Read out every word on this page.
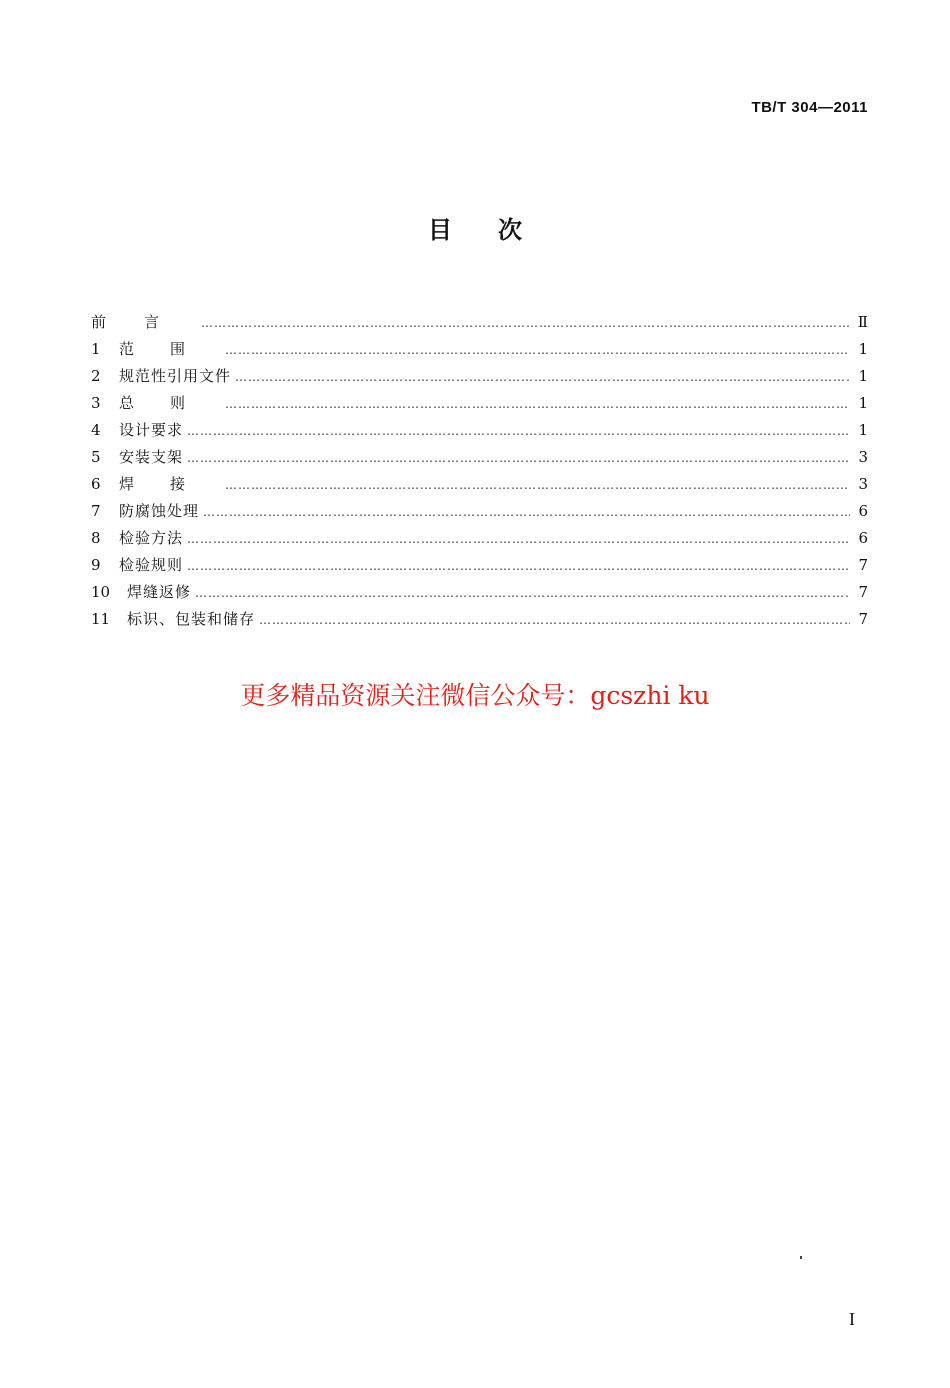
TB/T 304—2011
目次
前言 ……………………………………………………………………………………………………………………………………………………………………………………	Ⅱ
1	范围 ……………………………………………………………………………………………………………………………………………………………………………………	1
2	规范性引用文件 ……………………………………………………………………………………………………………………………………………………………………………………	1
3	总则 ……………………………………………………………………………………………………………………………………………………………………………………	1
4	设计要求 ……………………………………………………………………………………………………………………………………………………………………………………	1
5	安装支架 ……………………………………………………………………………………………………………………………………………………………………………………	3
6	焊接 ……………………………………………………………………………………………………………………………………………………………………………………	3
7	防腐蚀处理 ……………………………………………………………………………………………………………………………………………………………………………………	6
8	检验方法 ……………………………………………………………………………………………………………………………………………………………………………………	6
9	检验规则 ……………………………………………………………………………………………………………………………………………………………………………………	7
10	焊缝返修 ……………………………………………………………………………………………………………………………………………………………………………………	7
11	标识、包装和储存 ……………………………………………………………………………………………………………………………………………………………………………………	7
更多精品资源关注微信公众号：gcszhi ku
I
